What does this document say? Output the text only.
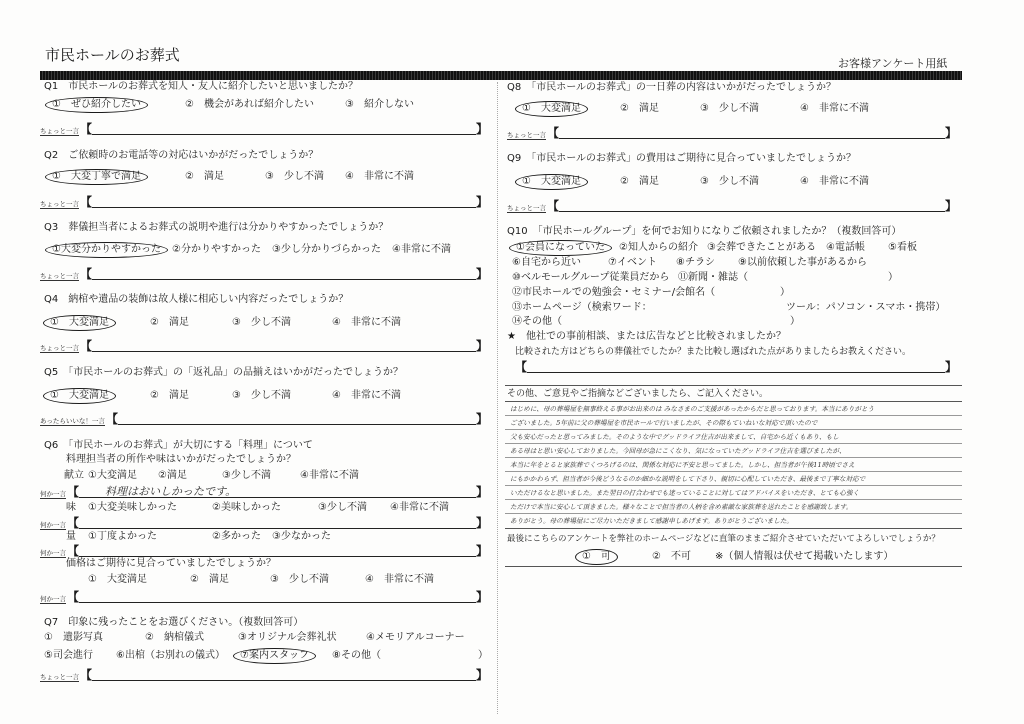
市民ホールのお葬式	お客様アンケート用紙
Q1　市民ホールのお葬式を知人・友人に紹介したいと思いましたか？
①　ぜひ紹介したい	②　機会があれば紹介したい	③　紹介しない
ちょっと一言 【	】
Q2　ご依頼時のお電話等の対応はいかがだったでしょうか？
①　大変丁寧で満足	②　満足	③　少し不満 ④　非常に不満
ちょっと一言 【	】
Q3　葬儀担当者によるお葬式の説明や進行は分かりやすかったでしょうか？
①大変分かりやすかった	②分かりやすかった ③少し分かりづらかった ④非常に不満
ちょっと一言 【	】
Q4　納棺や遺品の装飾は故人様に相応しい内容だったでしょうか？
①　大変満足	②　満足	③　少し不満	④　非常に不満
ちょっと一言 【	】
Q5　「市民ホールのお葬式」の「返礼品」の品揃えはいかがだったでしょうか？
①　大変満足	②　満足	③　少し不満	④　非常に不満
あったらいいな！一言 【	】
Q6　「市民ホールのお葬式」が大切にする「料理」について
料理担当者の所作や味はいかがだったでしょうか？
献立 ①大変満足 ②満足	③少し不満	④非常に不満
何か一言 【 料理はおいしかったです。	】
味 ①大変美味しかった	②美味しかった	③少し不満 ④非常に不満
何か一言 【	】
量 ①丁度よかった	②多かった ③少なかった
何か一言 【	】
価格はご期待に見合っていましたでしょうか？
①　大変満足	②　満足	③　少し不満	④　非常に不満
何か一言 【	】
Q7　印象に残ったことをお選びください。（複数回答可）
①　遺影写真	②　納棺儀式	③オリジナル会葬礼状	④メモリアルコーナー
⑤司会進行 ⑥出棺（お別れの儀式）	⑦案内スタッフ	⑧その他（	）
ちょっと一言 【	】
Q8　「市民ホールのお葬式」の一日葬の内容はいかがだったでしょうか？
①　大変満足	②　満足	③　少し不満	④　非常に不満
ちょっと一言 【	】
Q9　「市民ホールのお葬式」の費用はご期待に見合っていましたでしょうか？
①　大変満足	②　満足	③　少し不満	④　非常に不満
ちょっと一言 【	】
Q10　「市民ホールグループ」を何でお知りになりご依頼されましたか？（複数回答可）
①会員になっていた	②知人からの紹介 ③会葬できたことがある ④電話帳 ⑤看板
⑥自宅から近い	⑦イベント ⑧チラシ ⑨以前依頼した事があるから
⑩ベルモールグループ従業員だから ⑪新聞・雑誌（	）
⑫市民ホールでの勉強会・セミナー/会館名（	）
⑬ホームページ（検索ワード：	ツール：パソコン・スマホ・携帯）
⑭その他（	）
★　他社での事前相談、または広告などと比較されましたか？
比較された方はどちらの葬儀社でしたか？また比較し選ばれた点がありましたらお教えください。
【	】
その他、ご意見やご指摘などございましたら、ご記入ください。
はじめに、母の葬場屋を無事終える事がお出来のは みなさまのご支援があったからだと思っております。本当にありがとう
ございました。5年前に父の葬場屋を市民ホールで行いましたが、その際もていねいな対応で頂いたので
父も安心だったと思ってみました。そのような中でグッドライフ住吉が出来まして、自宅から近くもあり、もし
ある母はと思い安心しておりました。今回母が急にこくなり、気になっていたグッドライフ住吉を選びましたが、
本当に年をとると家族葬でくつろげるのは、関係な対応に不安と思ってました。しかし、担当者が午後11時頃でさえ
にもかかわらず、担当者が今後どうなるのか細かな説明をして下さり、親切に心配していただき、最後まで丁寧な対応で
いただけるなと思いました。また翌日の打合わせでも迷っていることに対してはアドバイスをいただき、とても心強く
ただけで本当に安心して頂きました。様々なことで担当者の人柄を含め素敵な家族葬を送れたことを感謝致します。
ありがとう。母の葬場屋にご尽力いただきまして感謝申しあげます。ありがとうございました。
最後にこちらのアンケートを弊社のホームページなどに直筆のままご紹介させていただいてよろしいでしょうか？
①　可	②　不可 ※（個人情報は伏せて掲載いたします）
